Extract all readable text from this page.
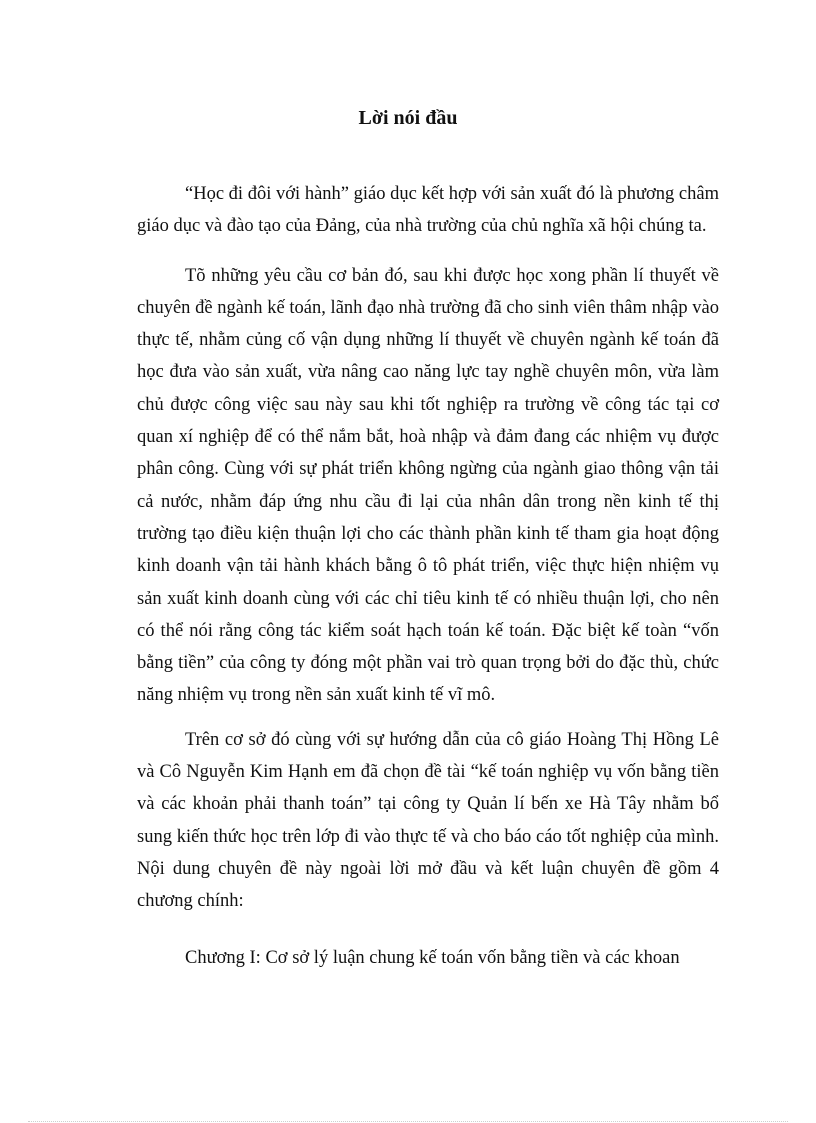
Lời nói đầu

“Học đi đôi với hành” giáo dục kết hợp với sản xuất đó là phương châm giáo dục và đào tạo của Đảng, của nhà trường của chủ nghĩa xã hội chúng ta.

Tõ những yêu cầu cơ bản đó, sau khi được học xong phần lí thuyết về chuyên đề ngành kế toán, lãnh đạo nhà trường đã cho sinh viên thâm nhập vào thực tế, nhằm củng cố vận dụng những lí thuyết về chuyên ngành kế toán đã học đưa vào sản xuất, vừa nâng cao năng lực tay nghề chuyên môn, vừa làm chủ được công việc sau này sau khi tốt nghiệp ra trường về công tác tại cơ quan xí nghiệp để có thể nắm bắt, hoà nhập và đảm đang các nhiệm vụ được phân công. Cùng với sự phát triển không ngừng của ngành giao thông vận tải cả nước, nhằm đáp ứng nhu cầu đi lại của nhân dân trong nền kinh tế thị trường tạo điều kiện thuận lợi cho các thành phần kinh tế tham gia hoạt động kinh doanh vận tải hành khách bằng ô tô phát triển, việc thực hiện nhiệm vụ sản xuất kinh doanh cùng với các chỉ tiêu kinh tế có nhiều thuận lợi, cho nên có thể nói rằng công tác kiểm soát hạch toán kế toán. Đặc biệt kế toàn “vốn bằng tiền” của công ty đóng một phần vai trò quan trọng bởi do đặc thù, chức năng nhiệm vụ trong nền sản xuất kinh tế vĩ mô.

Trên cơ sở đó cùng với sự hướng dẫn của cô giáo Hoàng Thị Hồng Lê và Cô Nguyễn Kim Hạnh em đã chọn đề tài “kế toán nghiệp vụ vốn bằng tiền và các khoản phải thanh toán” tại công ty Quản lí bến xe Hà Tây nhằm bổ sung kiến thức học trên lớp đi vào thực tế và cho báo cáo tốt nghiệp của mình. Nội dung chuyên đề này ngoài lời mở đầu và kết luận chuyên đề gồm 4 chương chính:

Chương I: Cơ sở lý luận chung kế toán vốn bằng tiền và các khoan
